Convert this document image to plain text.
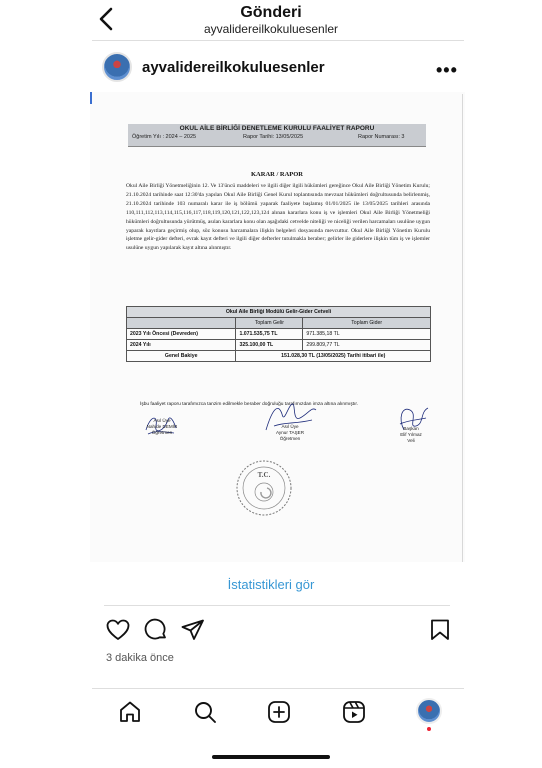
Gönderi
ayvalidereilkokuluesenler
ayvalidereilkokuluesenler	•••
OKUL AİLE BİRLİĞİ DENETLEME KURULU FAALİYET RAPORU
Öğretim Yılı : 2024 – 2025	Rapor Tarihi: 13/05/2025	Rapor Numarası: 3
KARAR / RAPOR
Okul Aile Birliği Yönetmeliğinin 12. Ve 13'üncü maddeleri ve ilgili diğer ilgili hükümleri gereğince Okul Aile Birliği Yönetim Kurulu; 21.10.2024 tarihinde saat 12:30'da yapılan Okul Aile Birliği Genel Kurul toplantısında mevzuat hükümleri doğrultusunda belirlenmiş, 21.10.2024 tarihinde 103 numaralı karar ile iş bölümü yaparak faaliyete başlamış 01/01/2025 ile 13/05/2025 tarihleri arasında 110,111,112,113,114,115,116,117,118,119,120,121,122,123,124 alınan kararlara konu iş ve işlemleri Okul Aile Birliği Yönetmeliği hükümleri doğrultusunda yürütmüş, asılan kararlara konu olan aşağıdaki cetvelde niteliği ve niceliği verilen harcamaları usulüne uygun yaparak kayıtlara geçirmiş olup, söz konusu harcamalara ilişkin belgeleri dosyasında mevcuttur. Okul Aile Birliği Yönetim Kurulu işletme gelir-gider defteri, evrak kayıt defteri ve ilgili diğer defterler tutulmakla beraber; gelirler ile giderlere ilişkin tüm iş ve işlemler usulüne uygun yapılarak kayıt altına alınmıştır.
Okul Aile Birliği Modülü Gelir-Gider Cetveli		
	Toplam Gelir	Toplam Gider
2023 Yılı Öncesi (Devreden)	1.071.535,75 TL	971.385,18 TL
2024 Yılı	325.100,00 TL	299.809,77 TL
Genel Bakiye	151.028,30 TL (13/05/2025) Tarihi itibari ile)	
İşbu faaliyet raporu tarafımızca tanzim edilmekle beraber doğruluğu tarafımızdan imza altına alınmıştır.
Asıl Üye
Nahide DEMİR
Öğretmen
Asıl Üye
Aynur TAŞER
Öğretmen
Başkan
Elif Yılmaz
Veli
T.C.
İstatistikleri gör
3 dakika önce
